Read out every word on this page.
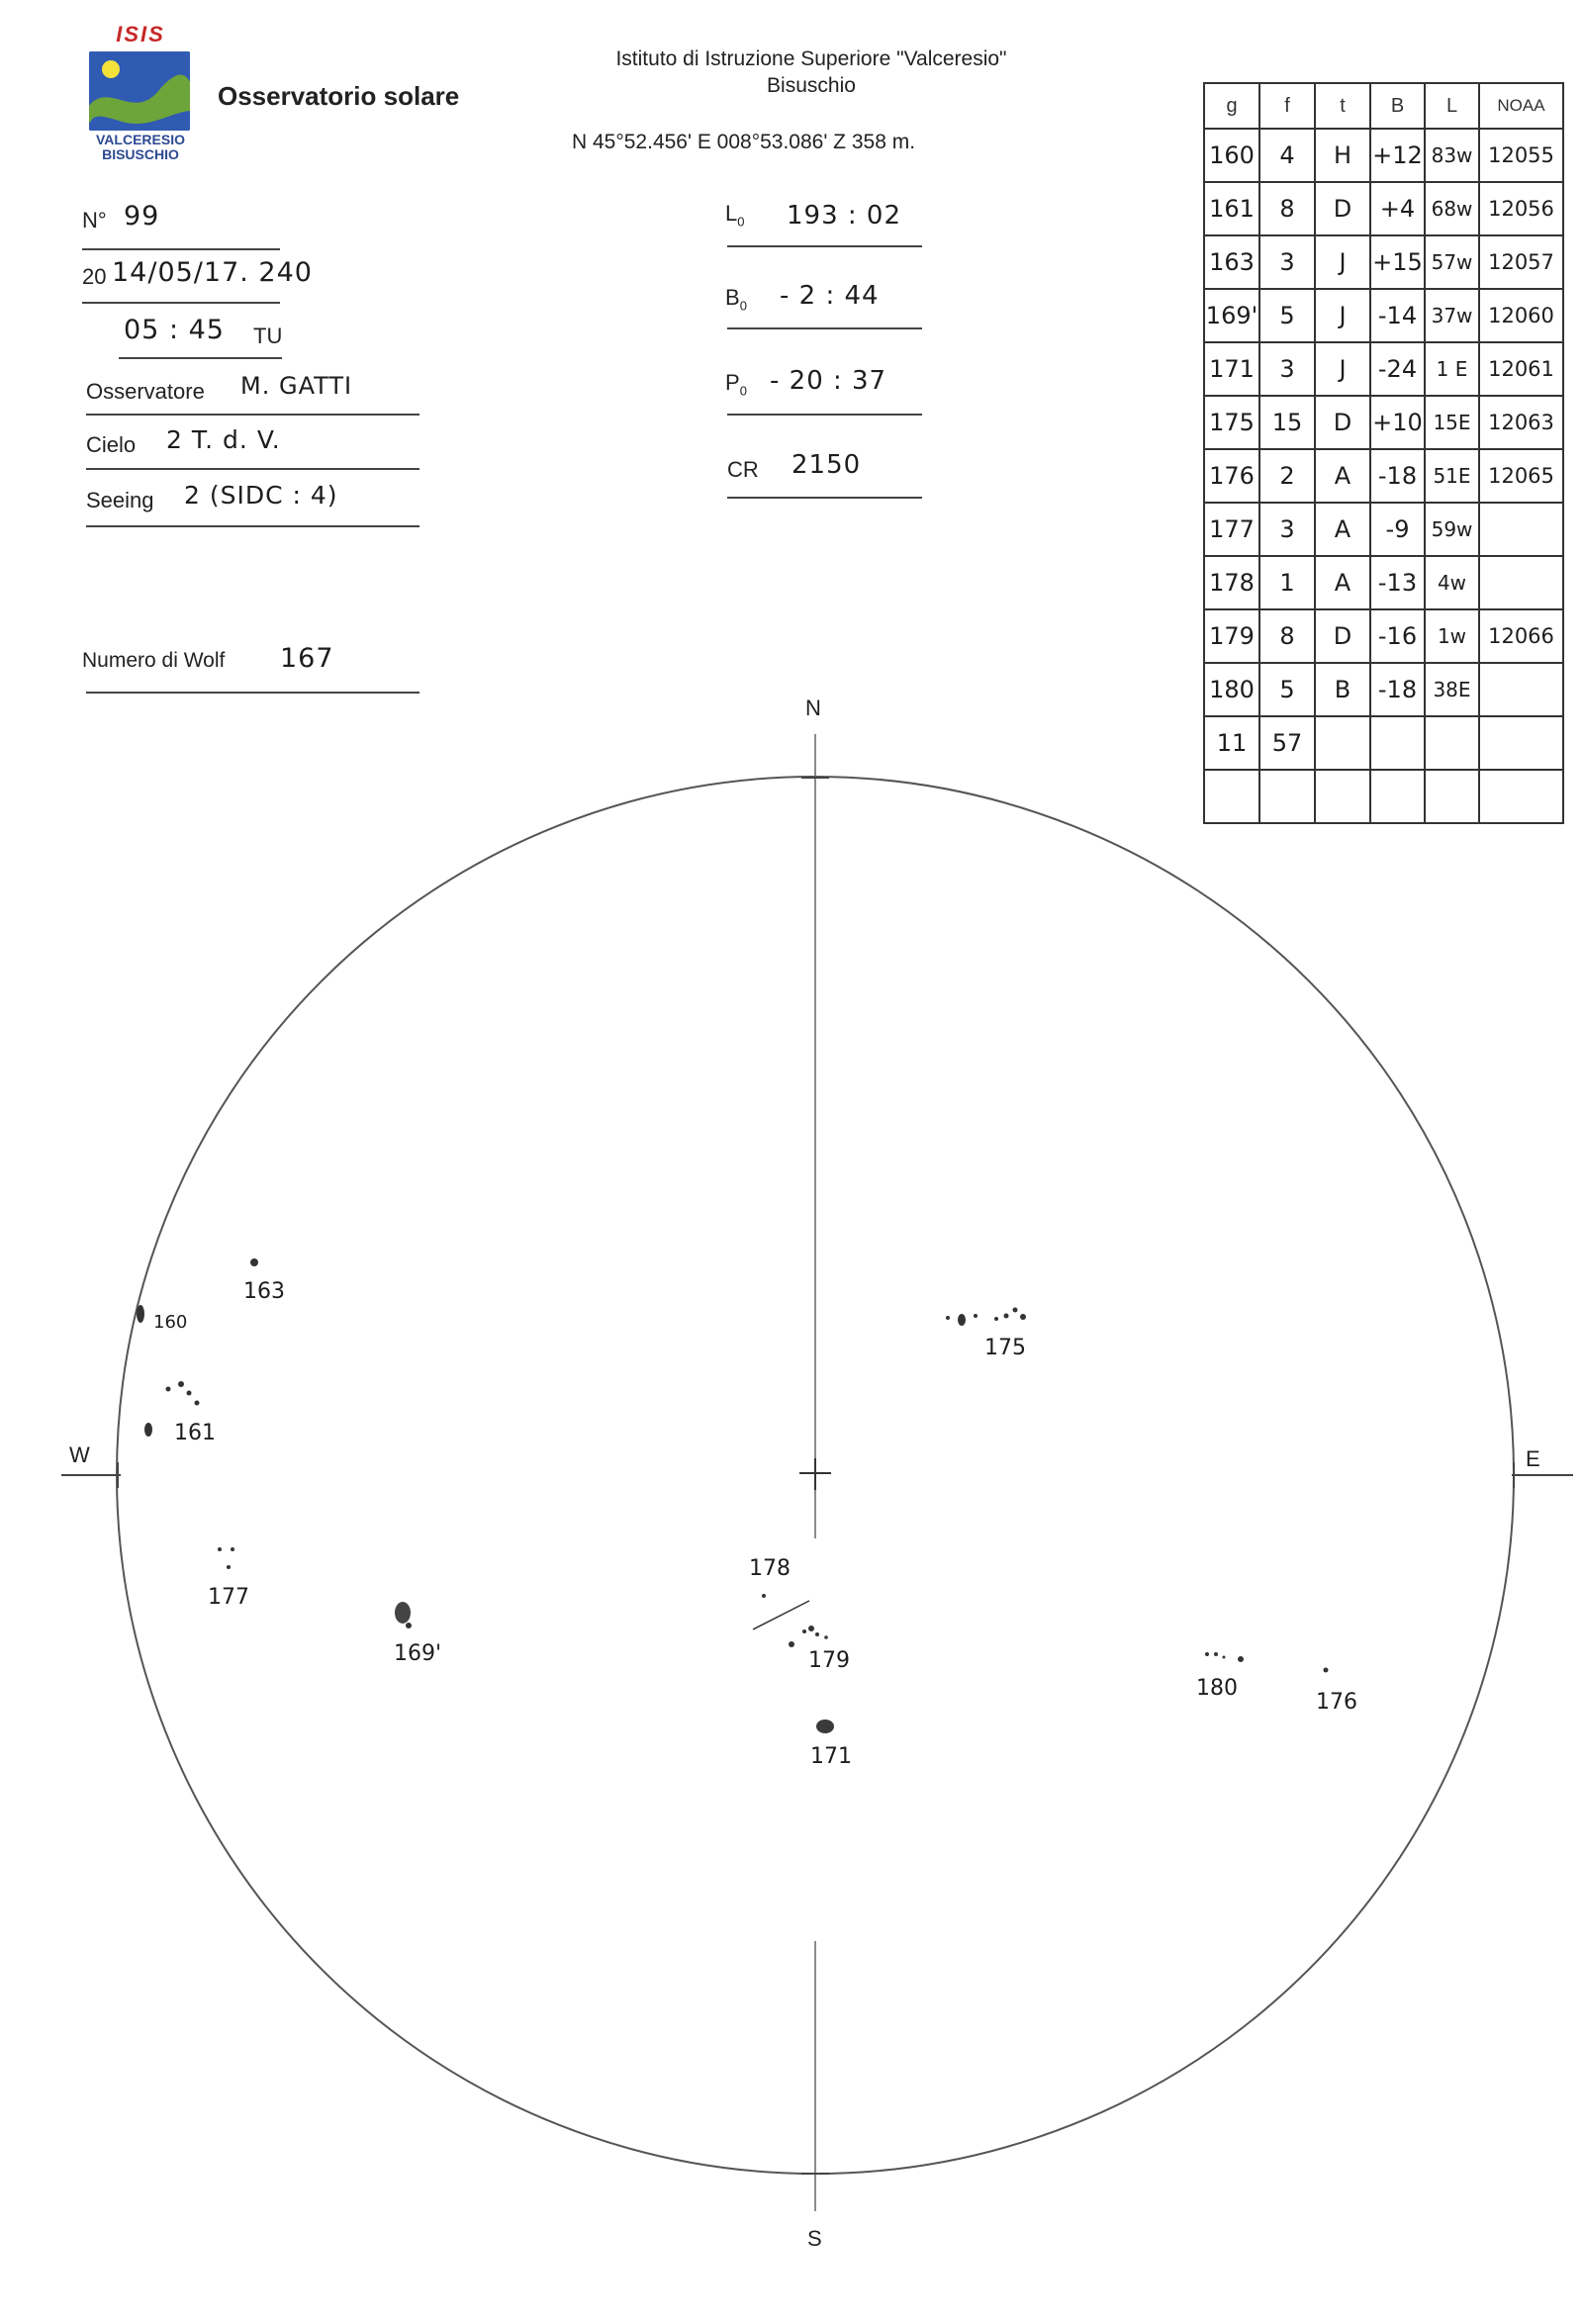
ISIS
VALCERESIO
BISUSCHIO
Osservatorio solare
Istituto di Istruzione Superiore "Valceresio"
Bisuschio
N 45°52.456' E 008°53.086' Z 358 m.
N° 99
20 14/05/17. 240
05 : 45 TU
Osservatore M. GATTI
Cielo 2 T. d. V.
Seeing 2 (SIDC : 4)
Numero di Wolf 167
$L_0$ 193 : 02
$B_0 - 2$ : 44
$P_0 - 20$ : 37
CR 2150
g	f	t	B	L	NOAA
160	4	H	+12	83w	12055
161	8	D	+4	68w	12056
163	3	J	+15	57w	12057
169'	5	J	-14	37w	12060
171	3	J	-24	1 E	12061
175	15	D	+10	15E	12063
176	2	A	-18	51E	12065
177	3	A	-9	59w	
178	1	A	-13	4w	
179	8	D	-16	1w	12066
180	5	B	-18	38E	
11	57				

N
S
W	E
160
161
163
175
177
169'
178
179
171
180
176
